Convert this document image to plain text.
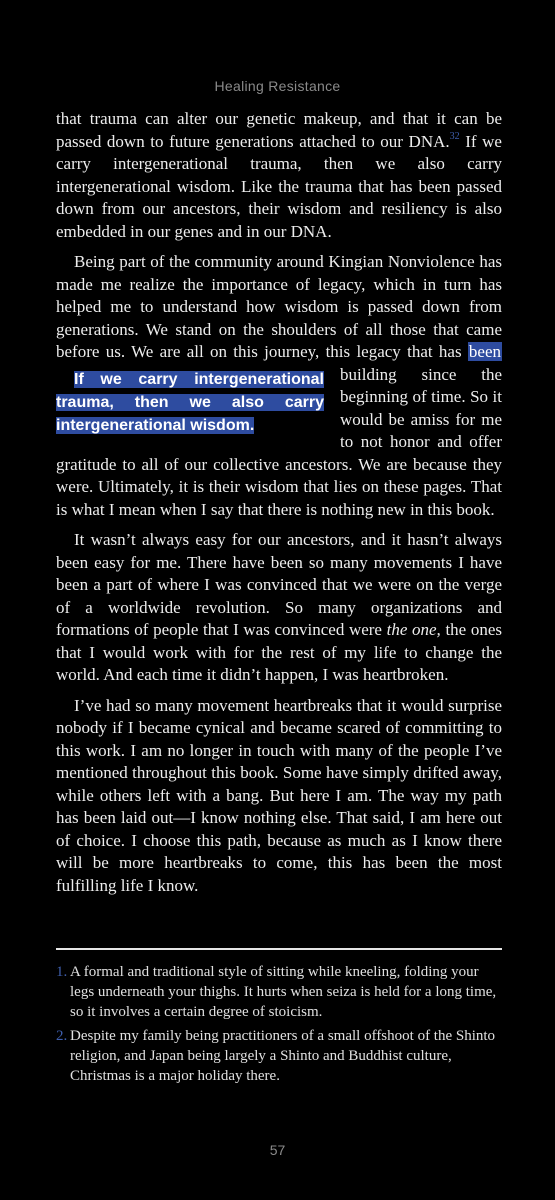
Healing Resistance

that trauma can alter our genetic makeup, and that it can be passed down to future generations attached to our DNA.$^{32}$ If we carry intergenerational trauma, then we also carry intergenerational wisdom. Like the trauma that has been passed down from our ancestors, their wisdom and resiliency is also embedded in our genes and in our DNA.

Being part of the community around Kingian Nonviolence has made me realize the importance of legacy, which in turn has helped me to understand how wisdom is passed down from generations. We stand on the shoulders of all those that came before us. We are all on this journey, this legacy that has been
If we carry intergenerational trauma, then we also carry intergenerational wisdom.
building since the beginning of time. So it would be amiss for me to not honor and offer gratitude to all of our collective ancestors. We are because they were. Ultimately, it is their wisdom that lies on these pages. That is what I mean when I say that there is nothing new in this book.

It wasn’t always easy for our ancestors, and it hasn’t always been easy for me. There have been so many movements I have been a part of where I was convinced that we were on the verge of a worldwide revolution. So many organizations and formations of people that I was convinced were the one, the ones that I would work with for the rest of my life to change the world. And each time it didn’t happen, I was heartbroken.

I’ve had so many movement heartbreaks that it would surprise nobody if I became cynical and became scared of committing to this work. I am no longer in touch with many of the people I’ve mentioned throughout this book. Some have simply drifted away, while others left with a bang. But here I am. The way my path has been laid out—I know nothing else. That said, I am here out of choice. I choose this path, because as much as I know there will be more heartbreaks to come, this has been the most fulfilling life I know.

1. A formal and traditional style of sitting while kneeling, folding your legs underneath your thighs. It hurts when seiza is held for a long time, so it involves a certain degree of stoicism.
2. Despite my family being practitioners of a small offshoot of the Shinto religion, and Japan being largely a Shinto and Buddhist culture, Christmas is a major holiday there.
57
